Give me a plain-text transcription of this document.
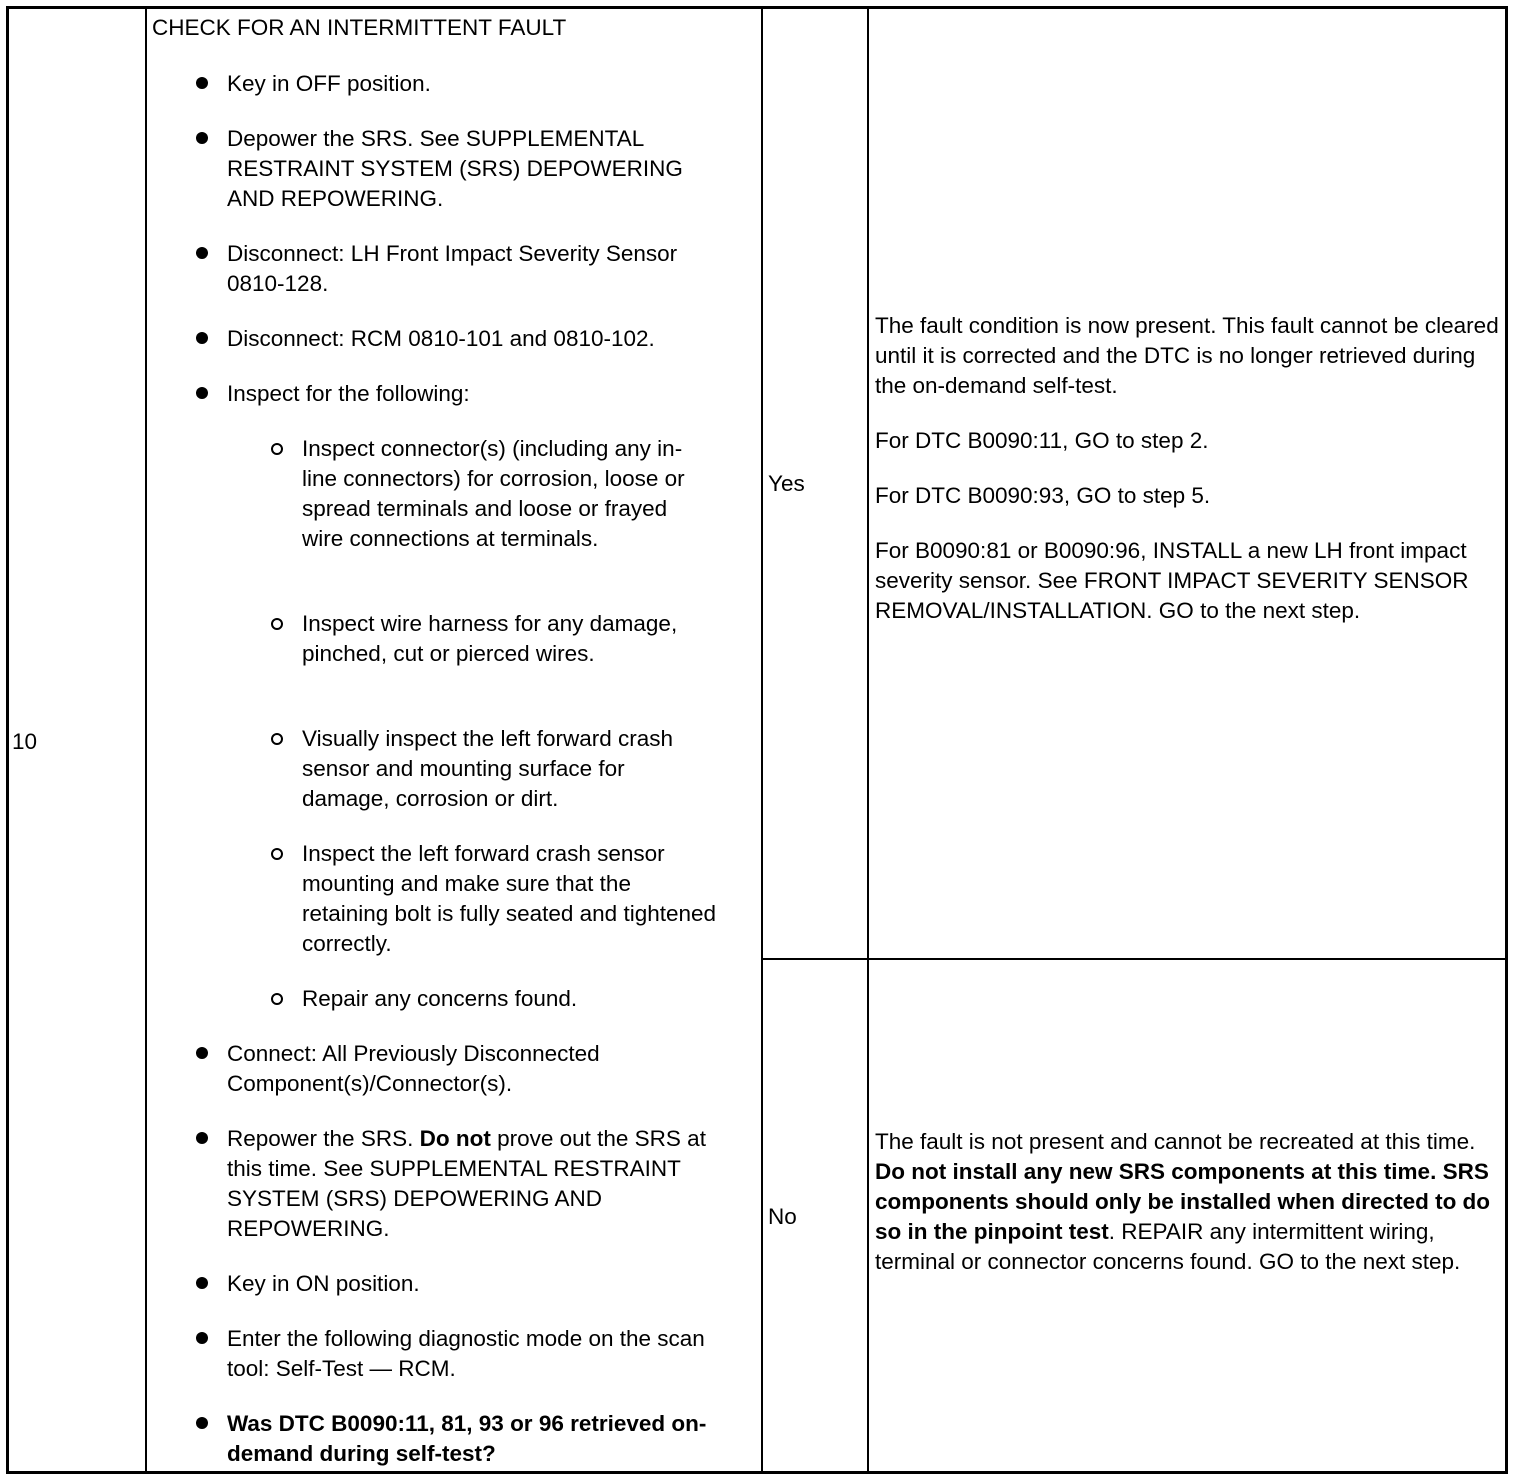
10
CHECK FOR AN INTERMITTENT FAULT
Key in OFF position.
Depower the SRS. See SUPPLEMENTAL RESTRAINT SYSTEM (SRS) DEPOWERING AND REPOWERING.
Disconnect: LH Front Impact Severity Sensor 0810-128.
Disconnect: RCM 0810-101 and 0810-102.
Inspect for the following:
Inspect connector(s) (including any in-line connectors) for corrosion, loose or spread terminals and loose or frayed wire connections at terminals.
Inspect wire harness for any damage, pinched, cut or pierced wires.
Visually inspect the left forward crash sensor and mounting surface for damage, corrosion or dirt.
Inspect the left forward crash sensor mounting and make sure that the retaining bolt is fully seated and tightened correctly.
Repair any concerns found.
Connect: All Previously Disconnected Component(s)/Connector(s).
Repower the SRS. Do not prove out the SRS at this time. See SUPPLEMENTAL RESTRAINT SYSTEM (SRS) DEPOWERING AND REPOWERING.
Key in ON position.
Enter the following diagnostic mode on the scan tool: Self-Test — RCM.
Was DTC B0090:11, 81, 93 or 96 retrieved on-demand during self-test?
Yes
No

The fault condition is now present. This fault cannot be cleared until it is corrected and the DTC is no longer retrieved during the on-demand self-test.

For DTC B0090:11, GO to step 2.

For DTC B0090:93, GO to step 5.

For B0090:81 or B0090:96, INSTALL a new LH front impact severity sensor. See FRONT IMPACT SEVERITY SENSOR REMOVAL/INSTALLATION. GO to the next step.

The fault is not present and cannot be recreated at this time. Do not install any new SRS components at this time. SRS components should only be installed when directed to do so in the pinpoint test. REPAIR any intermittent wiring, terminal or connector concerns found. GO to the next step.
